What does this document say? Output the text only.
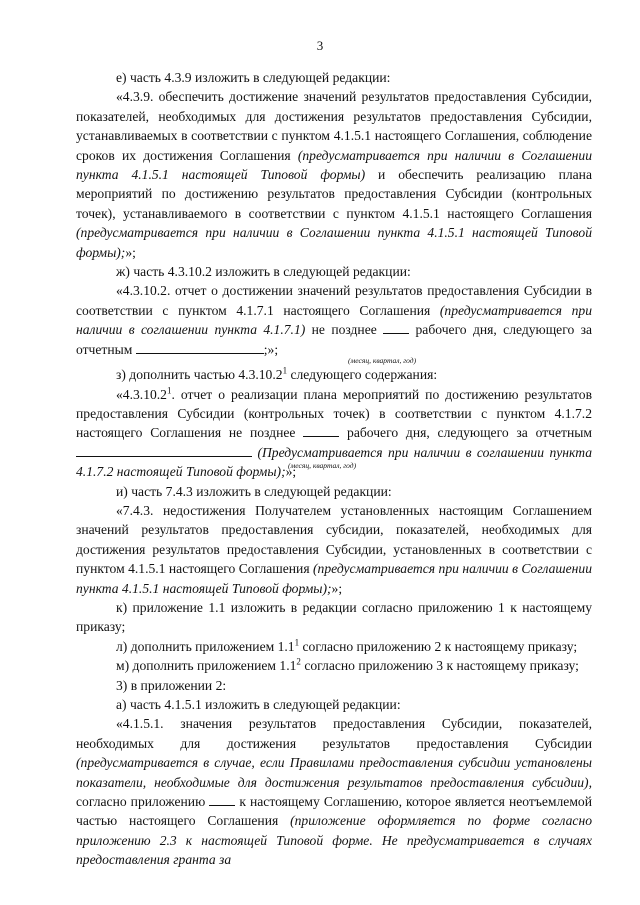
3

е) часть 4.3.9 изложить в следующей редакции:

«4.3.9. обеспечить достижение значений результатов предоставления Субсидии, показателей, необходимых для достижения результатов предоставления Субсидии, устанавливаемых в соответствии с пунктом 4.1.5.1 настоящего Соглашения, соблюдение сроков их достижения Соглашения (предусматривается при наличии в Соглашении пункта 4.1.5.1 настоящей Типовой формы) и обеспечить реализацию плана мероприятий по достижению результатов предоставления Субсидии (контрольных точек), устанавливаемого в соответствии с пунктом 4.1.5.1 настоящего Соглашения (предусматривается при наличии в Соглашении пункта 4.1.5.1 настоящей Типовой формы);»;

ж) часть 4.3.10.2 изложить в следующей редакции:

«4.3.10.2. отчет о достижении значений результатов предоставления Субсидии в соответствии с пунктом 4.1.7.1 настоящего Соглашения (предусматривается при наличии в соглашении пункта 4.1.7.1) не позднее  рабочего дня, следующего за отчетным	;»;

(месяц, квартал, год)

з) дополнить частью 4.3.10.2$^1$ следующего содержания:

«4.3.10.2$^1$. отчет о реализации плана мероприятий по достижению результатов предоставления Субсидии (контрольных точек) в соответствии с пунктом 4.1.7.2 настоящего Соглашения не позднее	рабочего дня, следующего за отчетным  (Предусматривается при наличии в соглашении пункта 4.1.7.2 настоящей Типовой формы);»;

(месяц, квартал, год)

и) часть 7.4.3 изложить в следующей редакции:

«7.4.3. недостижения Получателем установленных настоящим Соглашением значений результатов предоставления субсидии, показателей, необходимых для достижения результатов предоставления Субсидии, установленных в соответствии с пунктом 4.1.5.1 настоящего Соглашения (предусматривается при наличии в Соглашении пункта 4.1.5.1 настоящей Типовой формы);»;

к) приложение 1.1 изложить в редакции согласно приложению 1 к настоящему приказу;

л) дополнить приложением $1.1^1$ согласно приложению 2 к настоящему приказу;

м) дополнить приложением $1.1^2$ согласно приложению 3 к настоящему приказу;

3) в приложении 2:

а) часть 4.1.5.1 изложить в следующей редакции:

«4.1.5.1. значения результатов предоставления Субсидии, показателей, необходимых для достижения результатов предоставления Субсидии (предусматривается в случае, если Правилами предоставления субсидии установлены показатели, необходимые для достижения результатов предоставления субсидии), согласно приложению  к настоящему Соглашению, которое является неотъемлемой частью настоящего Соглашения (приложение оформляется по форме согласно приложению 2.3 к настоящей Типовой форме. Не предусматривается в случаях предоставления гранта за
